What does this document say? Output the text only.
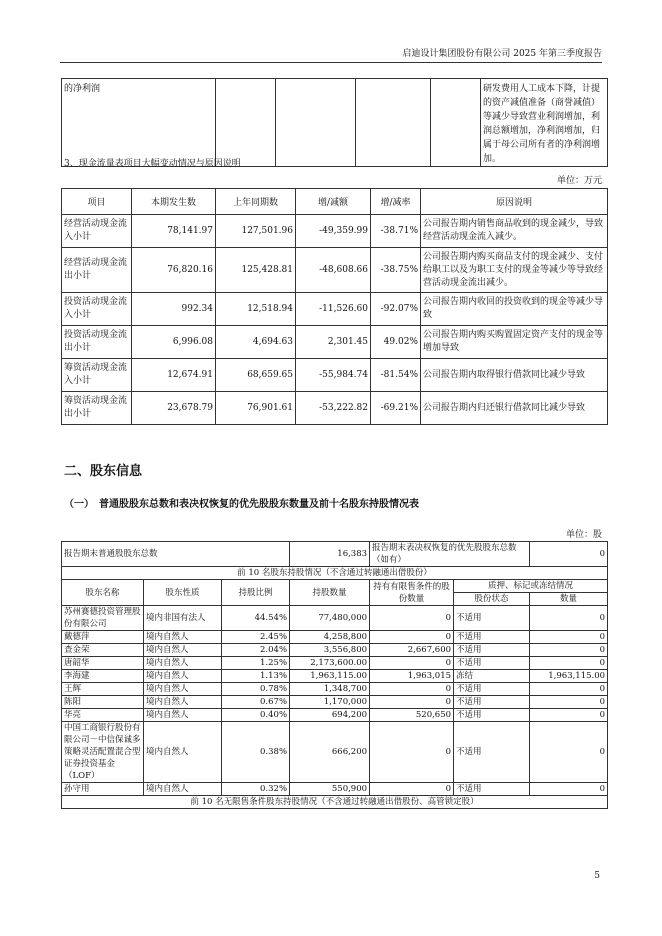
启迪设计集团股份有限公司 2025 年第三季度报告
的净利润					研发费用人工成本下降，计提的资产减值准备（商誉减值）等减少导致营业利润增加，利润总额增加，净利润增加，归属于母公司所有者的净利润增加。
3、现金流量表项目大幅变动情况与原因说明
单位：万元
项目	本期发生数	上年同期数	增/减额	增/减率	原因说明
经营活动现金流入小计	78,141.97	127,501.96	-49,359.99	-38.71%	公司报告期内销售商品收到的现金减少，导致经营活动现金流入减少。
经营活动现金流出小计	76,820.16	125,428.81	-48,608.66	-38.75%	公司报告期内购买商品支付的现金减少、支付给职工以及为职工支付的现金等减少等导致经营活动现金流出减少。
投资活动现金流入小计	992.34	12,518.94	-11,526.60	-92.07%	公司报告期内收回的投资收到的现金等减少导致
投资活动现金流出小计	6,996.08	4,694.63	2,301.45	49.02%	公司报告期内购买购置固定资产支付的现金等增加导致
筹资活动现金流入小计	12,674.91	68,659.65	-55,984.74	-81.54%	公司报告期内取得银行借款同比减少导致
筹资活动现金流出小计	23,678.79	76,901.61	-53,222.82	-69.21%	公司报告期内归还银行借款同比减少导致
二、股东信息
（一）　普通股股东总数和表决权恢复的优先股股东数量及前十名股东持股情况表
单位：股
报告期末普通股股东总数			16,383	报告期末表决权恢复的优先股股东总数（如有）		0
前 10 名股东持股情况（不含通过转融通出借股份）						
股东名称	股东性质	持股比例	持股数量	持有有限售条件的股份数量	质押、标记或冻结情况	
					股份状态	数量
苏州赛德投资管理股份有限公司	境内非国有法人	44.54%	77,480,000	0	不适用	0
戴德萍	境内自然人	2.45%	4,258,800	0	不适用	0
查金荣	境内自然人	2.04%	3,556,800	2,667,600	不适用	0
唐韶华	境内自然人	1.25%	2,173,600.00	0	不适用	0
李海建	境内自然人	1.13%	1,963,115.00	1,963,015	冻结	1,963,115.00
王辉	境内自然人	0.78%	1,348,700	0	不适用	0
陈阳	境内自然人	0.67%	1,170,000	0	不适用	0
华亮	境内自然人	0.40%	694,200	520,650	不适用	0
中国工商银行股份有限公司－中信保诚多策略灵活配置混合型证券投资基金（LOF）	境内自然人	0.38%	666,200	0	不适用	0
孙守用	境内自然人	0.32%	550,900	0	不适用	0
前 10 名无限售条件股东持股情况（不含通过转融通出借股份、高管锁定股）						
5
